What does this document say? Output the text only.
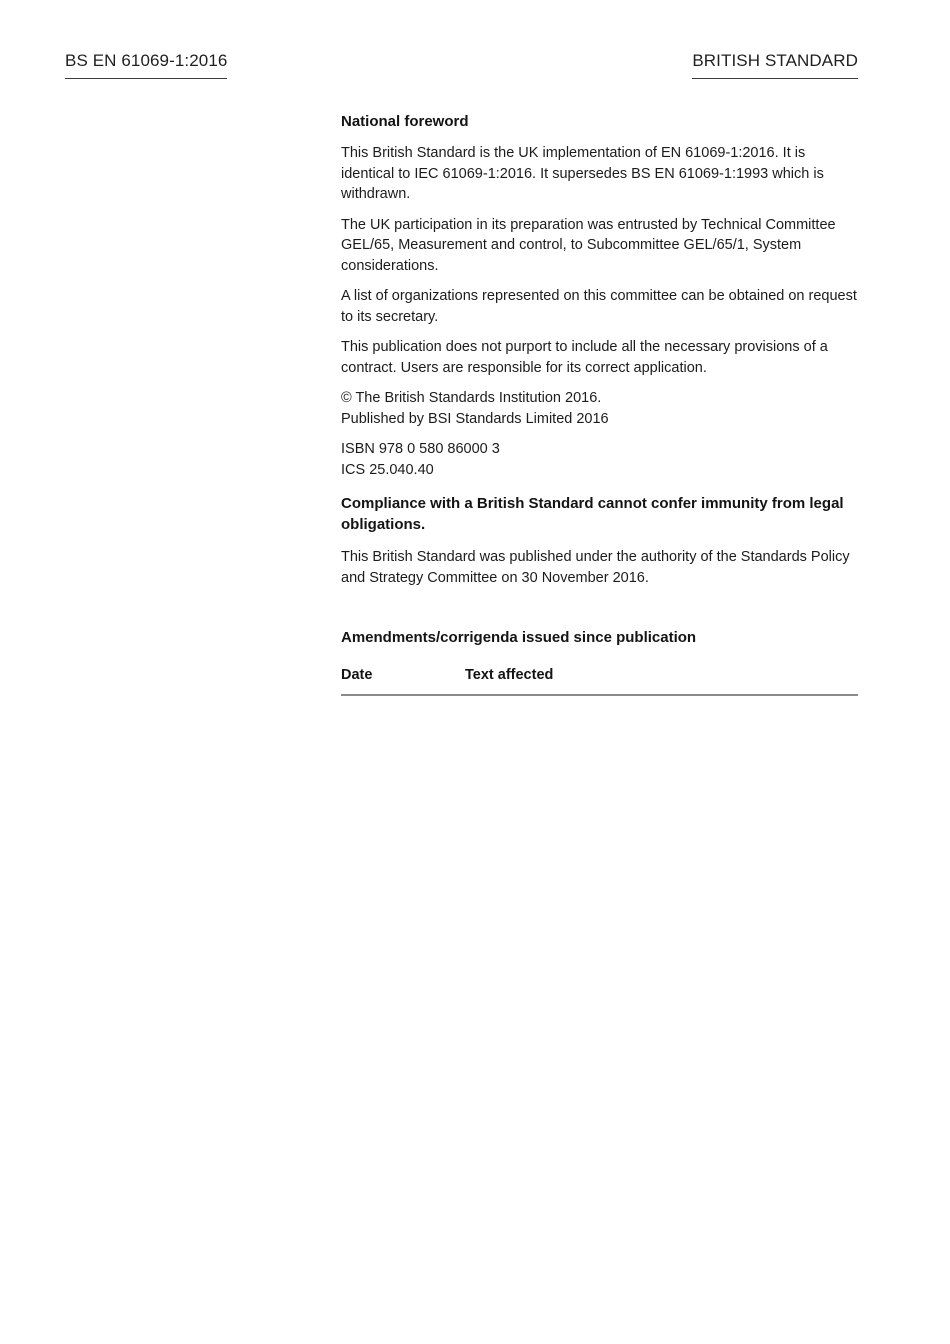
BS EN 61069-1:2016	BRITISH STANDARD
National foreword

This British Standard is the UK implementation of EN 61069-1:2016. It is identical to IEC 61069-1:2016. It supersedes BS EN 61069-1:1993 which is withdrawn.

The UK participation in its preparation was entrusted by Technical Committee GEL/65, Measurement and control, to Subcommittee GEL/65/1, System considerations.

A list of organizations represented on this committee can be obtained on request to its secretary.

This publication does not purport to include all the necessary provisions of a contract. Users are responsible for its correct application.

© The British Standards Institution 2016.
Published by BSI Standards Limited 2016
ISBN 978 0 580 86000 3
ICS 25.040.40

Compliance with a British Standard cannot confer immunity from legal obligations.

This British Standard was published under the authority of the Standards Policy and Strategy Committee on 30 November 2016.

Amendments/corrigenda issued since publication
Date	Text affected
